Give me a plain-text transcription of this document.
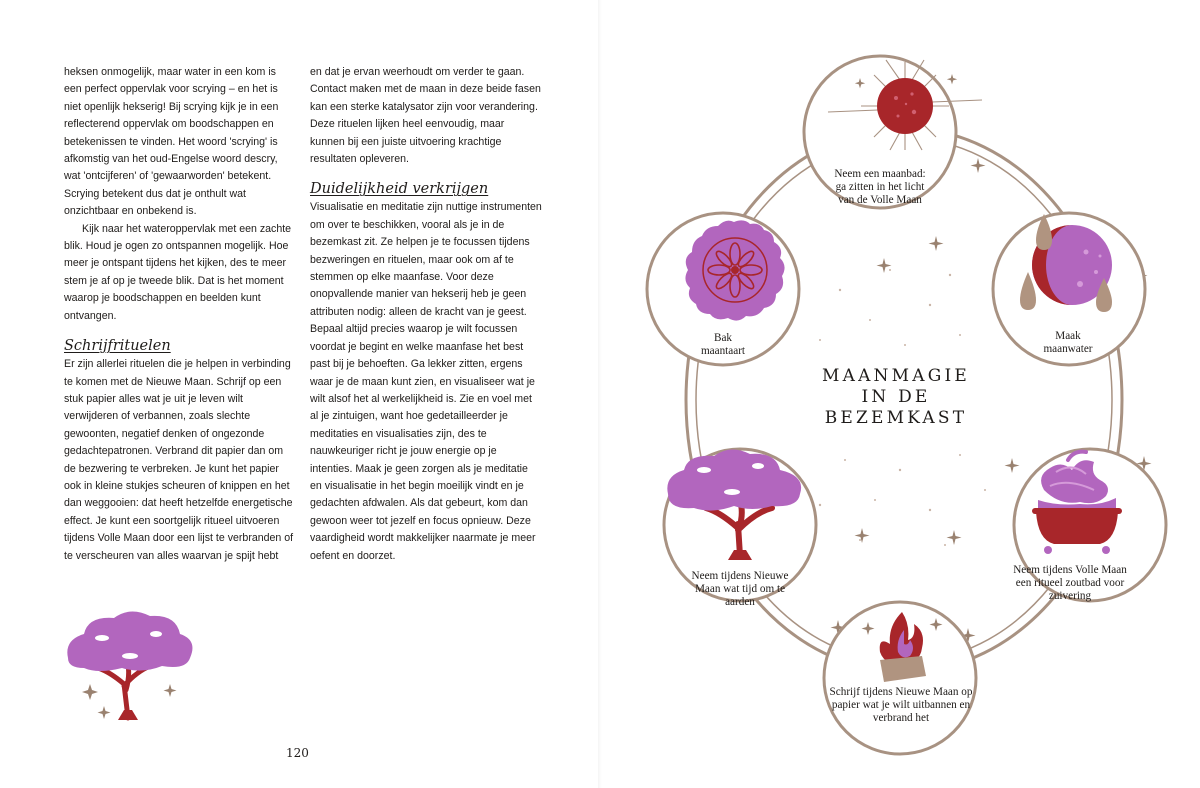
heksen onmogelijk, maar water in een kom is een perfect oppervlak voor scrying – en het is niet openlijk hekserig! Bij scrying kijk je in een reflecterend oppervlak om boodschappen en betekenissen te vinden. Het woord 'scrying' is afkomstig van het oud-Engelse woord descry, wat 'ontcijferen' of 'gewaarworden' betekent. Scrying betekent dus dat je onthult wat onzichtbaar en onbekend is.

Kijk naar het wateroppervlak met een zachte blik. Houd je ogen zo ontspannen mogelijk. Hoe meer je ontspant tijdens het kijken, des te meer stem je af op je tweede blik. Dat is het moment waarop je boodschappen en beelden kunt ontvangen.

Schrijfrituelen

Er zijn allerlei rituelen die je helpen in verbinding te komen met de Nieuwe Maan. Schrijf op een stuk papier alles wat je uit je leven wilt verwijderen of verbannen, zoals slechte gewoonten, negatief denken of ongezonde gedachtepatronen. Verbrand dit papier dan om de bezwering te verbreken. Je kunt het papier ook in kleine stukjes scheuren of knippen en het dan weggooien: dat heeft hetzelfde energetische effect. Je kunt een soortgelijk ritueel uitvoeren tijdens Volle Maan door een lijst te verbranden of te verscheuren van alles waarvan je spijt hebt

en dat je ervan weerhoudt om verder te gaan. Contact maken met de maan in deze beide fasen kan een sterke katalysator zijn voor verandering. Deze rituelen lijken heel eenvoudig, maar kunnen bij een juiste uitvoering krachtige resultaten opleveren.

Duidelijkheid verkrijgen

Visualisatie en meditatie zijn nuttige instrumenten om over te beschikken, vooral als je in de bezemkast zit. Ze helpen je te focussen tijdens bezweringen en rituelen, maar ook om af te stemmen op elke maanfase. Voor deze onopvallende manier van hekserij heb je geen attributen nodig: alleen de kracht van je geest. Bepaal altijd precies waarop je wilt focussen voordat je begint en welke maanfase het best past bij je behoeften. Ga lekker zitten, ergens waar je de maan kunt zien, en visualiseer wat je wilt alsof het al werkelijkheid is. Zie en voel met al je zintuigen, want hoe gedetailleerder je meditaties en visualisaties zijn, des te nauwkeuriger richt je jouw energie op je intenties. Maak je geen zorgen als je meditatie en visualisatie in het begin moeilijk vindt en je gedachten afdwalen. Als dat gebeurt, kom dan gewoon weer tot jezelf en focus opnieuw. Deze vaardigheid wordt makkelijker naarmate je meer oefent en doorzet.

120
MAANMAGIE
IN DE
BEZEMKAST
Neem een maanbad: ga zitten in het licht van de Volle Maan
Bak maantaart
Maak maanwater
Neem tijdens Nieuwe Maan wat tijd om te aarden
Neem tijdens Volle Maan een ritueel zoutbad voor zuivering
Schrijf tijdens Nieuwe Maan op papier wat je wilt uitbannen en verbrand het
